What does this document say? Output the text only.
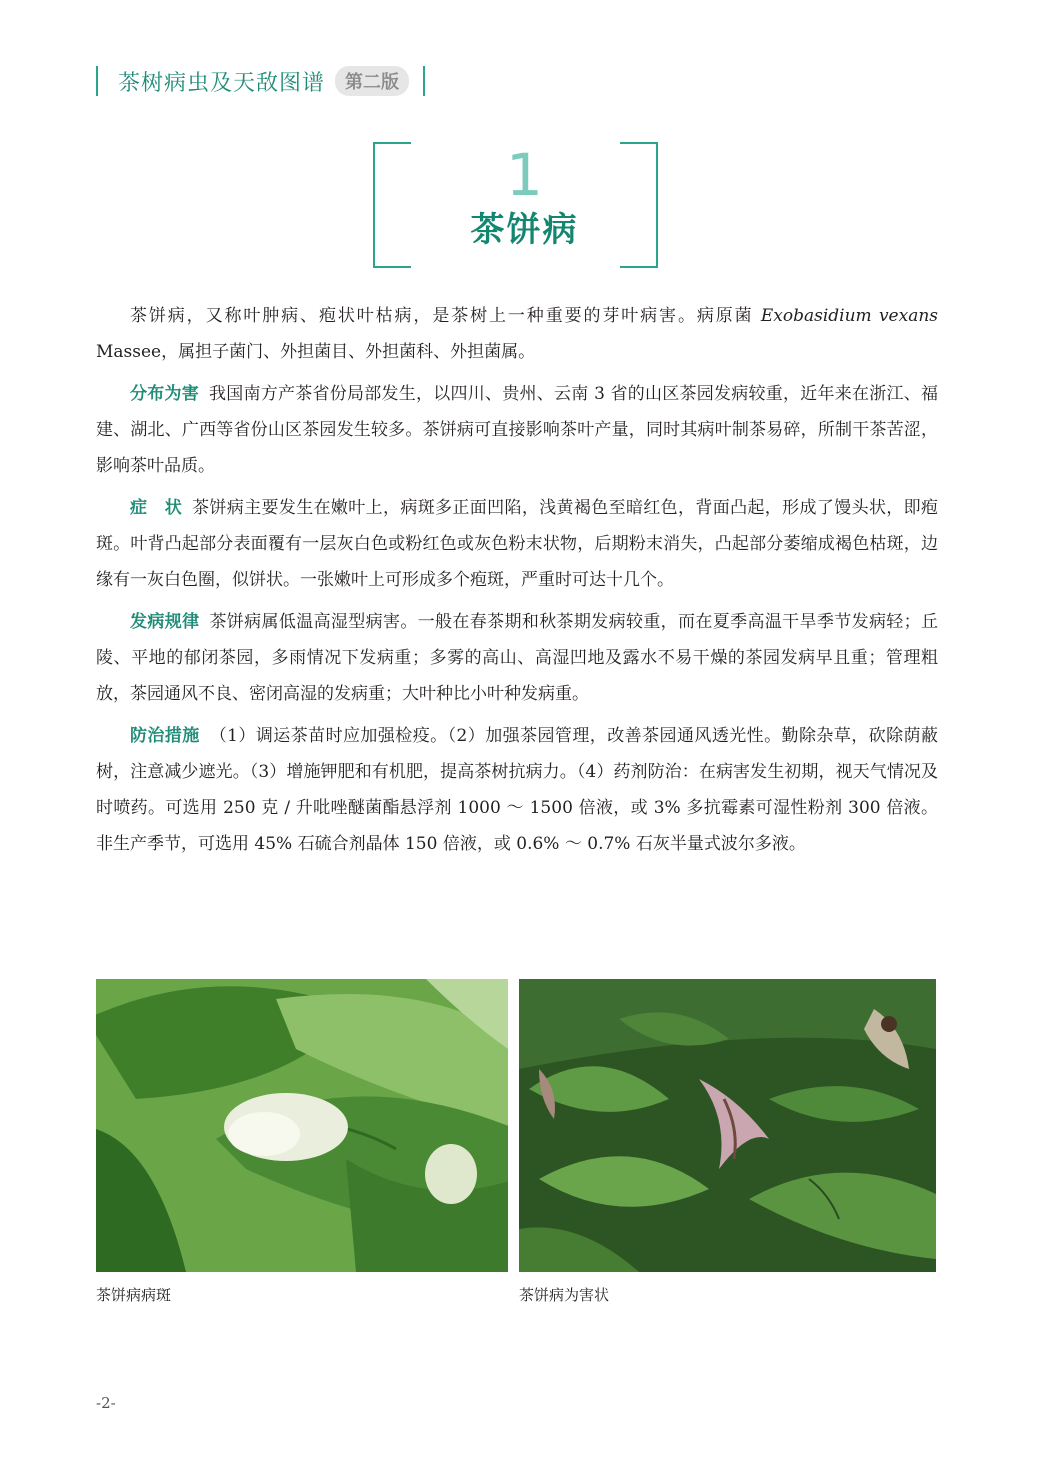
茶树病虫及天敌图谱	第二版
1
茶饼病

茶饼病，又称叶肿病、疱状叶枯病，是茶树上一种重要的芽叶病害。病原菌 Exobasidium vexans Massee，属担子菌门、外担菌目、外担菌科、外担菌属。

分布为害 我国南方产茶省份局部发生，以四川、贵州、云南 3 省的山区茶园发病较重，近年来在浙江、福建、湖北、广西等省份山区茶园发生较多。茶饼病可直接影响茶叶产量，同时其病叶制茶易碎，所制干茶苦涩，影响茶叶品质。

症　状 茶饼病主要发生在嫩叶上，病斑多正面凹陷，浅黄褐色至暗红色，背面凸起，形成了馒头状，即疱斑。叶背凸起部分表面覆有一层灰白色或粉红色或灰色粉末状物，后期粉末消失，凸起部分萎缩成褐色枯斑，边缘有一灰白色圈，似饼状。一张嫩叶上可形成多个疱斑，严重时可达十几个。

发病规律 茶饼病属低温高湿型病害。一般在春茶期和秋茶期发病较重，而在夏季高温干旱季节发病轻；丘陵、平地的郁闭茶园，多雨情况下发病重；多雾的高山、高湿凹地及露水不易干燥的茶园发病早且重；管理粗放，茶园通风不良、密闭高湿的发病重；大叶种比小叶种发病重。

防治措施 （1）调运茶苗时应加强检疫。（2）加强茶园管理，改善茶园通风透光性。勤除杂草，砍除荫蔽树，注意减少遮光。（3）增施钾肥和有机肥，提高茶树抗病力。（4）药剂防治：在病害发生初期，视天气情况及时喷药。可选用 250 克 / 升吡唑醚菌酯悬浮剂 1000 ～ 1500 倍液，或 3% 多抗霉素可湿性粉剂 300 倍液。非生产季节，可选用 45% 石硫合剂晶体 150 倍液，或 0.6% ～ 0.7% 石灰半量式波尔多液。

茶饼病病斑	茶饼病为害状
-2-
